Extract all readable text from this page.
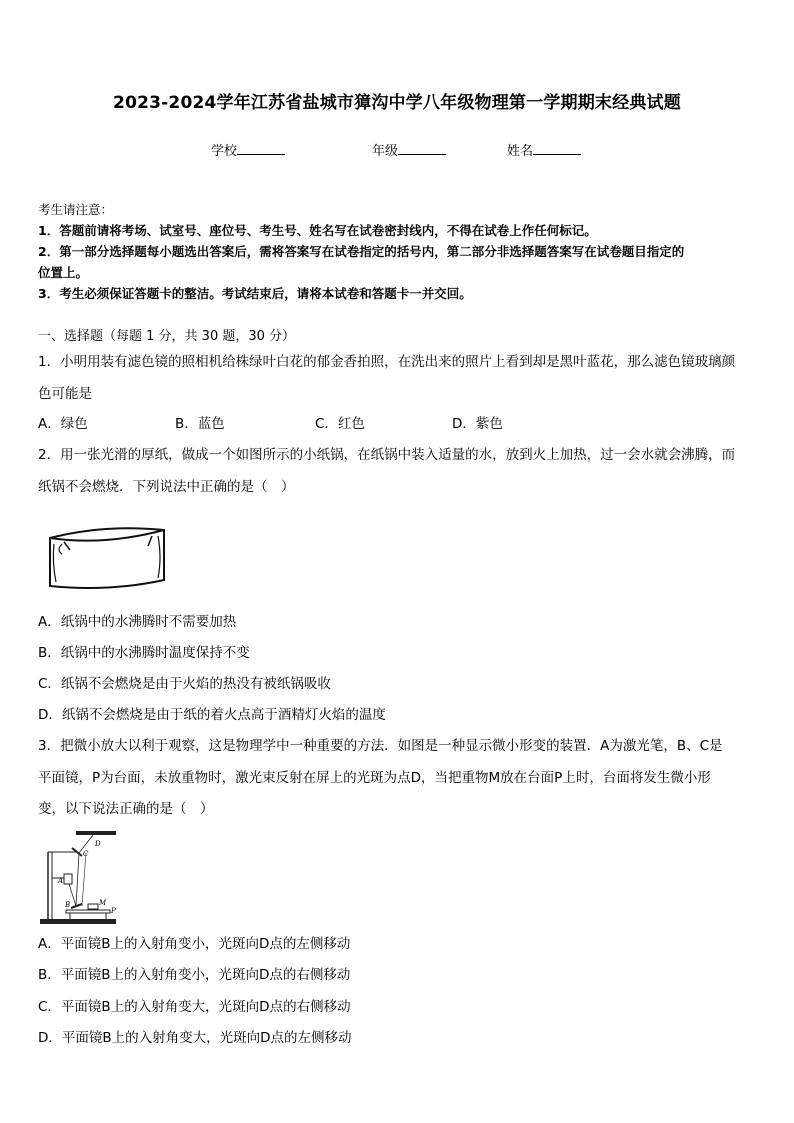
2023-2024学年江苏省盐城市獐沟中学八年级物理第一学期期末经典试题
学校	年级	姓名
考生请注意：
1．答题前请将考场、试室号、座位号、考生号、姓名写在试卷密封线内，不得在试卷上作任何标记。
2．第一部分选择题每小题选出答案后，需将答案写在试卷指定的括号内，第二部分非选择题答案写在试卷题目指定的
位置上。
3．考生必须保证答题卡的整洁。考试结束后，请将本试卷和答题卡一并交回。
一、选择题（每题 1 分，共 30 题，30 分）
1．小明用装有滤色镜的照相机给株绿叶白花的郁金香拍照，在洗出来的照片上看到却是黑叶蓝花，那么滤色镜玻璃颜
色可能是
A．绿色	B．蓝色	C．红色	D．紫色
2．用一张光滑的厚纸，做成一个如图所示的小纸锅，在纸锅中装入适量的水，放到火上加热，过一会水就会沸腾，而
纸锅不会燃烧．下列说法中正确的是（　）
A．纸锅中的水沸腾时不需要加热
B．纸锅中的水沸腾时温度保持不变
C．纸锅不会燃烧是由于火焰的热没有被纸锅吸收
D．纸锅不会燃烧是由于纸的着火点高于酒精灯火焰的温度
3．把微小放大以利于观察，这是物理学中一种重要的方法．如图是一种显示微小形变的装置．A为激光笔，B、C是
平面镜，P为台面，未放重物时，激光束反射在屏上的光斑为点D，当把重物M放在台面P上时，台面将发生微小形
变，以下说法正确的是（　）
D
C
A
B	M
P
A．平面镜B上的入射角变小，光斑向D点的左侧移动
B．平面镜B上的入射角变小，光斑向D点的右侧移动
C．平面镜B上的入射角变大，光斑向D点的右侧移动
D．平面镜B上的入射角变大，光斑向D点的左侧移动
